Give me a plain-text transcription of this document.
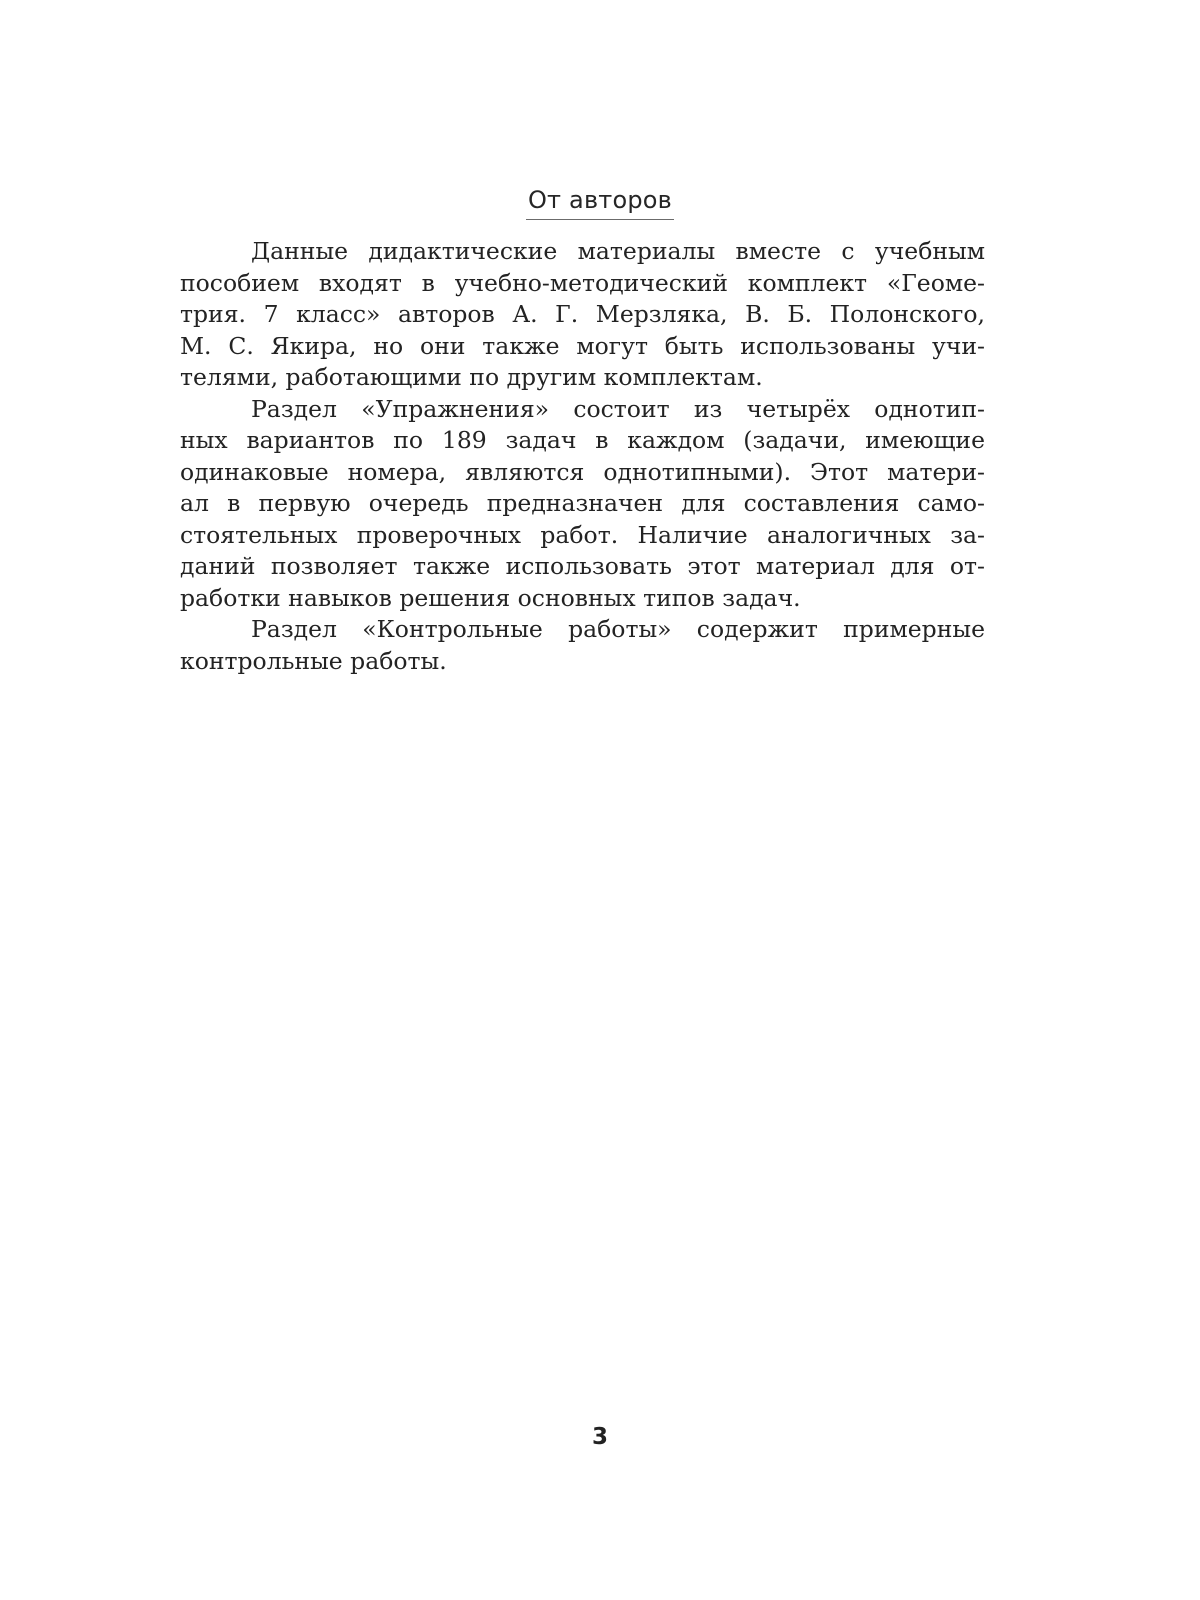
От авторов
Данные дидактические материалы вместе с учебным
пособием входят в учебно-методический комплект «Геоме-
трия. 7 класс» авторов А. Г. Мерзляка, В. Б. Полонского,
М. С. Якира, но они также могут быть использованы учи-
телями, работающими по другим комплектам.
Раздел «Упражнения» состоит из четырёх однотип-
ных вариантов по 189 задач в каждом (задачи, имеющие
одинаковые номера, являются однотипными). Этот матери-
ал в первую очередь предназначен для составления само-
стоятельных проверочных работ. Наличие аналогичных за-
даний позволяет также использовать этот материал для от-
работки навыков решения основных типов задач.
Раздел «Контрольные работы» содержит примерные
контрольные работы.
3
